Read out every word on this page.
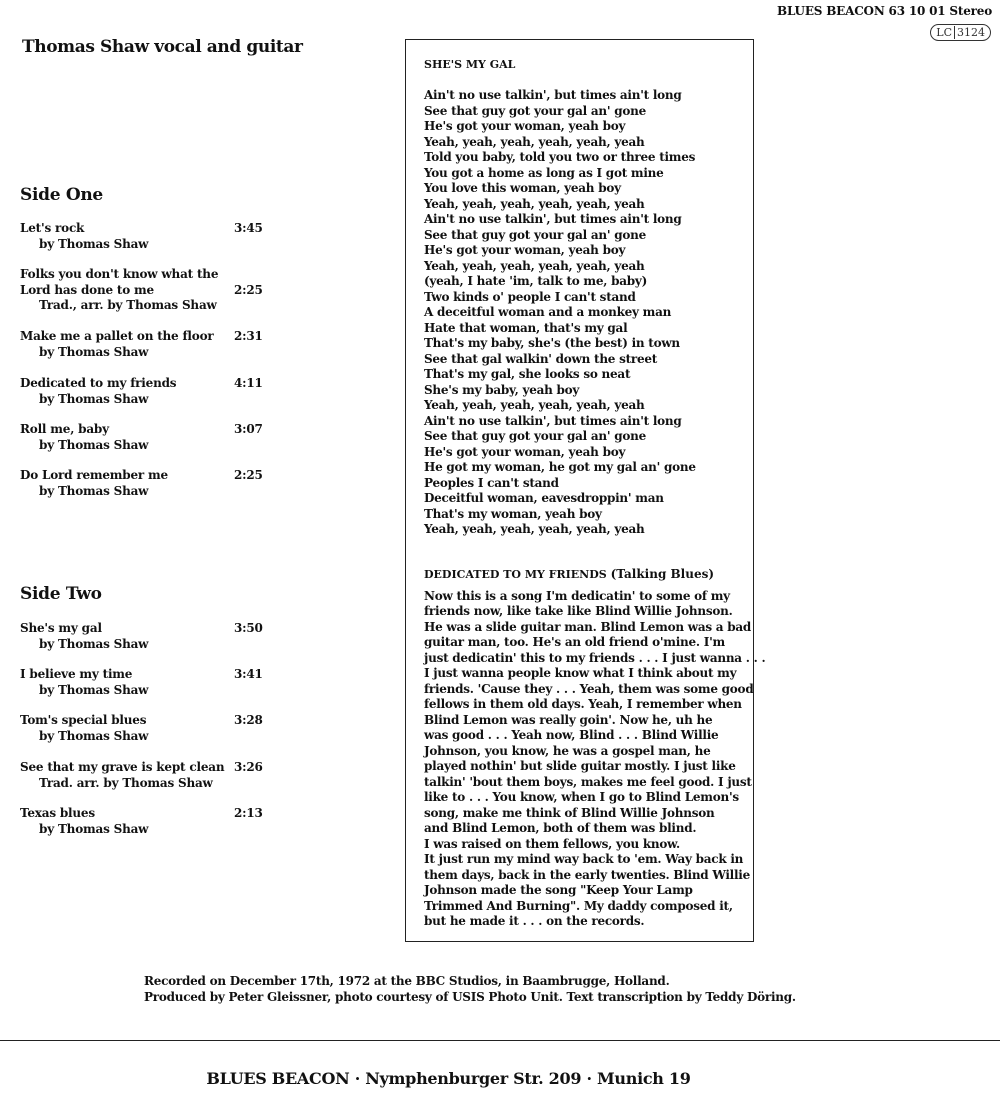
BLUES BEACON 63 10 01 Stereo
LC 3124
Thomas Shaw vocal and guitar
Side One
Let's rock
by Thomas Shaw
3:45
Folks you don't know what the
Lord has done to me
Trad., arr. by Thomas Shaw
2:25
Make me a pallet on the floor
by Thomas Shaw
2:31
Dedicated to my friends
by Thomas Shaw
4:11
Roll me, baby
by Thomas Shaw
3:07
Do Lord remember me
by Thomas Shaw
2:25
Side Two
She's my gal
by Thomas Shaw
3:50
I believe my time
by Thomas Shaw
3:41
Tom's special blues
by Thomas Shaw
3:28
See that my grave is kept clean
Trad. arr. by Thomas Shaw
3:26
Texas blues
by Thomas Shaw
2:13
SHE'S MY GAL
Ain't no use talkin', but times ain't long
See that guy got your gal an' gone
He's got your woman, yeah boy
Yeah, yeah, yeah, yeah, yeah, yeah
Told you baby, told you two or three times
You got a home as long as I got mine
You love this woman, yeah boy
Yeah, yeah, yeah, yeah, yeah, yeah
Ain't no use talkin', but times ain't long
See that guy got your gal an' gone
He's got your woman, yeah boy
Yeah, yeah, yeah, yeah, yeah, yeah
(yeah, I hate 'im, talk to me, baby)
Two kinds o' people I can't stand
A deceitful woman and a monkey man
Hate that woman, that's my gal
That's my baby, she's (the best) in town
See that gal walkin' down the street
That's my gal, she looks so neat
She's my baby, yeah boy
Yeah, yeah, yeah, yeah, yeah, yeah
Ain't no use talkin', but times ain't long
See that guy got your gal an' gone
He's got your woman, yeah boy
He got my woman, he got my gal an' gone
Peoples I can't stand
Deceitful woman, eavesdroppin' man
That's my woman, yeah boy
Yeah, yeah, yeah, yeah, yeah, yeah
DEDICATED TO MY FRIENDS (Talking Blues)
Now this is a song I'm dedicatin' to some of my
friends now, like take like Blind Willie Johnson.
He was a slide guitar man. Blind Lemon was a bad
guitar man, too. He's an old friend o'mine. I'm
just dedicatin' this to my friends . . . I just wanna . . .
I just wanna people know what I think about my
friends. 'Cause they . . . Yeah, them was some good
fellows in them old days. Yeah, I remember when
Blind Lemon was really goin'. Now he, uh he
was good . . . Yeah now, Blind . . . Blind Willie
Johnson, you know, he was a gospel man, he
played nothin' but slide guitar mostly. I just like
talkin' 'bout them boys, makes me feel good. I just
like to . . . You know, when I go to Blind Lemon's
song, make me think of Blind Willie Johnson
and Blind Lemon, both of them was blind.
I was raised on them fellows, you know.
It just run my mind way back to 'em. Way back in
them days, back in the early twenties. Blind Willie
Johnson made the song "Keep Your Lamp
Trimmed And Burning". My daddy composed it,
but he made it . . . on the records.
Recorded on December 17th, 1972 at the BBC Studios, in Baambrugge, Holland.
Produced by Peter Gleissner, photo courtesy of USIS Photo Unit. Text transcription by Teddy Döring.
BLUES BEACON · Nymphenburger Str. 209 · Munich 19
